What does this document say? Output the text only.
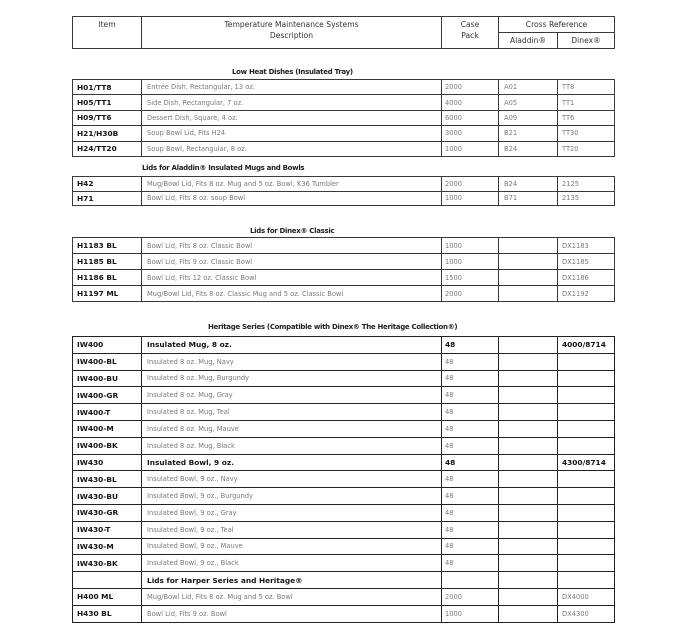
Item	Temperature Maintenance Systems
Description

Case
Pack
	Cross Reference
			Aladdin®	Dinex®
Low Heat Dishes (Insulated Tray)
H01/TT8	Entrée Dish, Rectangular, 13 oz.	2000	A01	TT8
H05/TT1	Side Dish, Rectangular, 7 oz.	4000	A05	TT1
H09/TT6	Dessert Dish, Square, 4 oz.	6000	A09	TT6
H21/H30B	Soup Bowl Lid, Fits H24	3000	B21	TT30
H24/TT20	Soup Bowl, Rectangular, 8 oz.	1000	B24	TT20
Lids for Aladdin® Insulated Mugs and Bowls
H42	Mug/Bowl Lid, Fits 8 oz. Mug and 5 oz. Bowl, K36 Tumbler	2000	B24	2125
H71	Bowl Lid, Fits 8 oz. soup Bowl	1000	B71	2135
Lids for Dinex® Classic
H1183 BL	Bowl Lid, Fits 8 oz. Classic Bowl	1000		DX1183
H1185 BL	Bowl Lid, Fits 9 oz. Classic Bowl	1000		DX1185
H1186 BL	Bowl Lid, Fits 12 oz. Classic Bowl	1500		DX1186
H1197 ML	Mug/Bowl Lid, Fits 8 oz. Classic Mug and 5 oz. Classic Bowl	2000		DX1192
Heritage Series (Compatible with Dinex® The Heritage Collection®)
IW400	Insulated Mug, 8 oz.	48		4000/8714
IW400-BL	Insulated 8 oz. Mug, Navy	48		
IW400-BU	Insulated 8 oz. Mug, Burgundy	48		
IW400-GR	Insulated 8 oz. Mug, Gray	48		
IW400-T	Insulated 8 oz. Mug, Teal	48		
IW400-M	Insulated 8 oz. Mug, Mauve	48		
IW400-BK	Insulated 8 oz. Mug, Black	48		
IW430	Insulated Bowl, 9 oz.	48		4300/8714
IW430-BL	Insulated Bowl, 9 oz., Navy	48		
IW430-BU	Insulated Bowl, 9 oz., Burgundy	48		
IW430-GR	Insulated Bowl, 9 oz., Gray	48		
IW430-T	Insulated Bowl, 9 oz., Teal	48		
IW430-M	Insulated Bowl, 9 oz., Mauve	48		
IW430-BK	Insulated Bowl, 9 oz., Black	48		
	Lids for Harper Series and Heritage®			
H400 ML	Mug/Bowl Lid, Fits 8 oz. Mug and 5 oz. Bowl	2000		DX4000
H430 BL	Bowl Lid, Fits 9 oz. Bowl	1000		DX4300
